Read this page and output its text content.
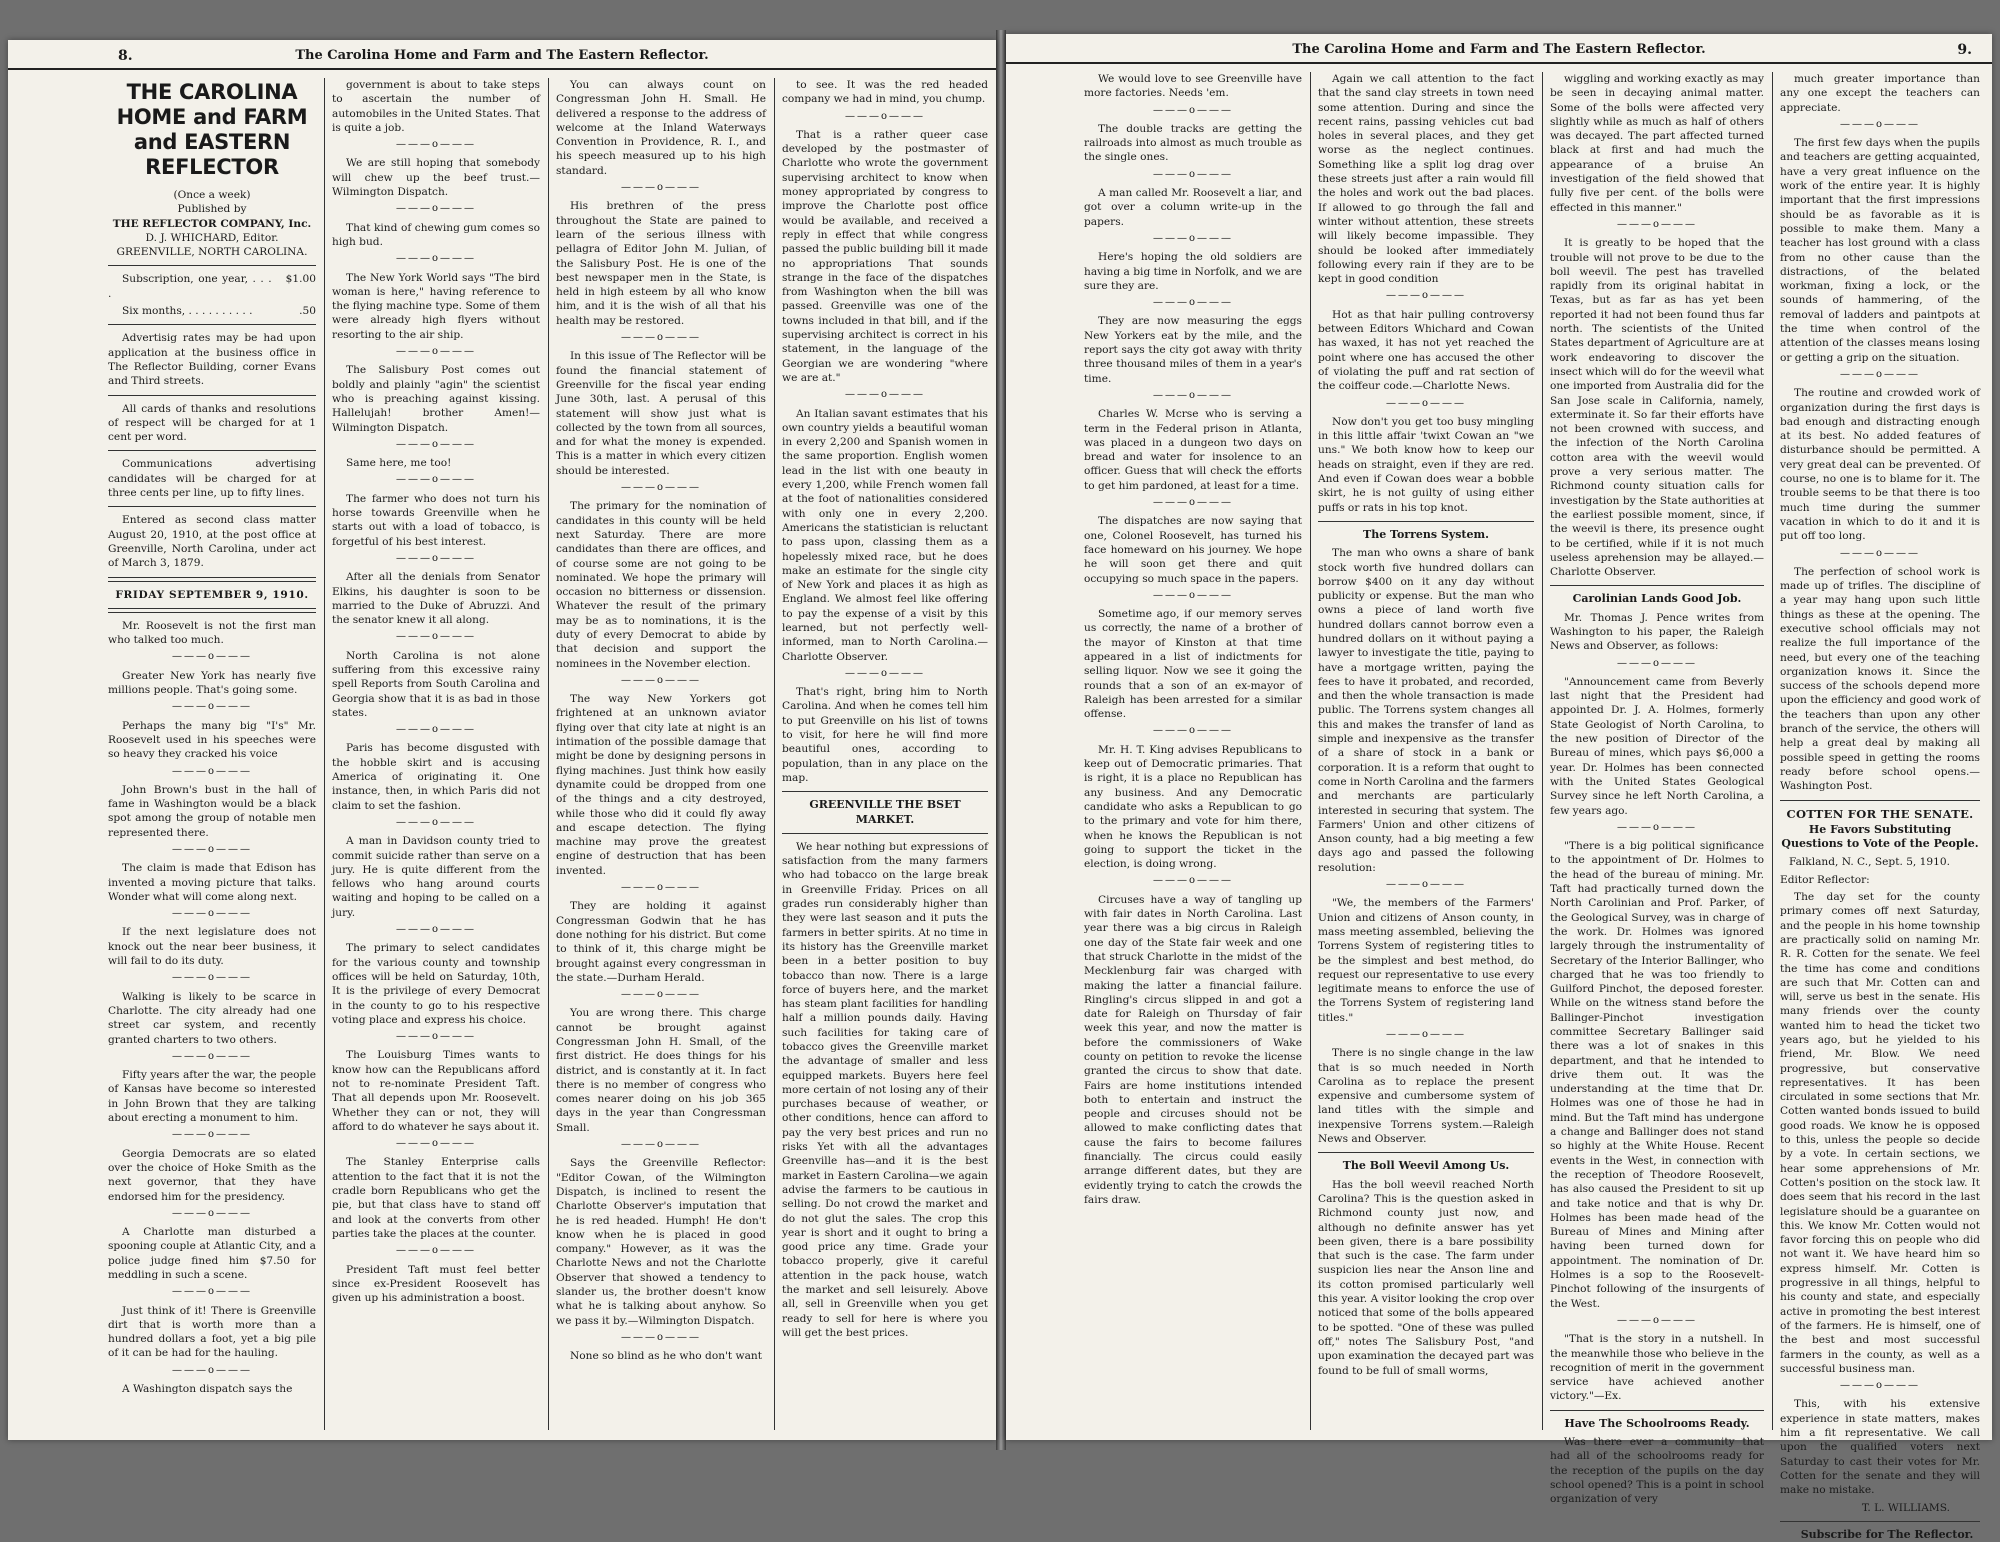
8.	The Carolina Home and Farm and The Eastern Reflector.
THE CAROLINA HOME and FARM and EASTERN REFLECTOR

(Once a week)

Published by

THE REFLECTOR COMPANY, Inc.

D. J. WHICHARD, Editor.

GREENVILLE, NORTH CAROLINA.

Subscription, one year, . . . .
$1.00

Six months, . . . . . . . . . .	.50

Advertisig rates may be had upon application at the business office in The Reflector Building, corner Evans and Third streets.

All cards of thanks and resolutions of respect will be charged for at 1 cent per word.

Communications advertising candidates will be charged for at three cents per line, up to fifty lines.

Entered as second class matter August 20, 1910, at the post office at Greenville, North Carolina, under act of March 3, 1879.

FRIDAY SEPTEMBER 9, 1910.

Mr. Roosevelt is not the first man who talked too much.

———o———

Greater New York has nearly five millions people. That's going some.

———o———

Perhaps the many big "I's" Mr. Roosevelt used in his speeches were so heavy they cracked his voice

———o———

John Brown's bust in the hall of fame in Washington would be a black spot among the group of notable men represented there.

———o———

The claim is made that Edison has invented a moving picture that talks. Wonder what will come along next.

———o———

If the next legislature does not knock out the near beer business, it will fail to do its duty.

———o———

Walking is likely to be scarce in Charlotte. The city already had one street car system, and recently granted charters to two others.

———o———

Fifty years after the war, the people of Kansas have become so interested in John Brown that they are talking about erecting a monument to him.

———o———

Georgia Democrats are so elated over the choice of Hoke Smith as the next governor, that they have endorsed him for the presidency.

———o———

A Charlotte man disturbed a spooning couple at Atlantic City, and a police judge fined him $7.50 for meddling in such a scene.

———o———

Just think of it! There is Greenville dirt that is worth more than a hundred dollars a foot, yet a big pile of it can be had for the hauling.

———o———

A Washington dispatch says the

government is about to take steps to ascertain the number of automobiles in the United States. That is quite a job.

———o———

We are still hoping that somebody will chew up the beef trust.—Wilmington Dispatch.

———o———

That kind of chewing gum comes so high bud.

———o———

The New York World says "The bird woman is here," having reference to the flying machine type. Some of them were already high flyers without resorting to the air ship.

———o———

The Salisbury Post comes out boldly and plainly "agin" the scientist who is preaching against kissing. Hallelujah! brother Amen!—Wilmington Dispatch.

———o———

Same here, me too!

———o———

The farmer who does not turn his horse towards Greenville when he starts out with a load of tobacco, is forgetful of his best interest.

———o———

After all the denials from Senator Elkins, his daughter is soon to be married to the Duke of Abruzzi. And the senator knew it all along.

———o———

North Carolina is not alone suffering from this excessive rainy spell Reports from South Carolina and Georgia show that it is as bad in those states.

———o———

Paris has become disgusted with the hobble skirt and is accusing America of originating it. One instance, then, in which Paris did not claim to set the fashion.

———o———

A man in Davidson county tried to commit suicide rather than serve on a jury. He is quite different from the fellows who hang around courts waiting and hoping to be called on a jury.

———o———

The primary to select candidates for the various county and township offices will be held on Saturday, 10th, It is the privilege of every Democrat in the county to go to his respective voting place and express his choice.

———o———

The Louisburg Times wants to know how can the Republicans afford not to re-nominate President Taft. That all depends upon Mr. Roosevelt. Whether they can or not, they will afford to do whatever he says about it.

———o———

The Stanley Enterprise calls attention to the fact that it is not the cradle born Republicans who get the pie, but that class have to stand off and look at the converts from other parties take the places at the counter.

———o———

President Taft must feel better since ex-President Roosevelt has given up his administration a boost.

You can always count on Congressman John H. Small. He delivered a response to the address of welcome at the Inland Waterways Convention in Providence, R. I., and his speech measured up to his high standard.

———o———

His brethren of the press throughout the State are pained to learn of the serious illness with pellagra of Editor John M. Julian, of the Salisbury Post. He is one of the best newspaper men in the State, is held in high esteem by all who know him, and it is the wish of all that his health may be restored.

———o———

In this issue of The Reflector will be found the financial statement of Greenville for the fiscal year ending June 30th, last. A perusal of this statement will show just what is collected by the town from all sources, and for what the money is expended. This is a matter in which every citizen should be interested.

———o———

The primary for the nomination of candidates in this county will be held next Saturday. There are more candidates than there are offices, and of course some are not going to be nominated. We hope the primary will occasion no bitterness or dissension. Whatever the result of the primary may be as to nominations, it is the duty of every Democrat to abide by that decision and support the nominees in the November election.

———o———

The way New Yorkers got frightened at an unknown aviator flying over that city late at night is an intimation of the possible damage that might be done by designing persons in flying machines. Just think how easily dynamite could be dropped from one of the things and a city destroyed, while those who did it could fly away and escape detection. The flying machine may prove the greatest engine of destruction that has been invented.

———o———

They are holding it against Congressman Godwin that he has done nothing for his district. But come to think of it, this charge might be brought against every congressman in the state.—Durham Herald.

———o———

You are wrong there. This charge cannot be brought against Congressman John H. Small, of the first district. He does things for his district, and is constantly at it. In fact there is no member of congress who comes nearer doing on his job 365 days in the year than Congressman Small.

———o———

Says the Greenville Reflector: "Editor Cowan, of the Wilmington Dispatch, is inclined to resent the Charlotte Observer's imputation that he is red headed. Humph! He don't know when he is placed in good company." However, as it was the Charlotte News and not the Charlotte Observer that showed a tendency to slander us, the brother doesn't know what he is talking about anyhow. So we pass it by.—Wilmington Dispatch.

———o———

None so blind as he who don't want

to see. It was the red headed company we had in mind, you chump.

———o———

That is a rather queer case developed by the postmaster of Charlotte who wrote the government supervising architect to know when money appropriated by congress to improve the Charlotte post office would be available, and received a reply in effect that while congress passed the public building bill it made no appropriations That sounds strange in the face of the dispatches from Washington when the bill was passed. Greenville was one of the towns included in that bill, and if the supervising architect is correct in his statement, in the language of the Georgian we are wondering "where we are at."

———o———

An Italian savant estimates that his own country yields a beautiful woman in every 2,200 and Spanish women in the same proportion. English women lead in the list with one beauty in every 1,200, while French women fall at the foot of nationalities considered with only one in every 2,200. Americans the statistician is reluctant to pass upon, classing them as a hopelessly mixed race, but he does make an estimate for the single city of New York and places it as high as England. We almost feel like offering to pay the expense of a visit by this learned, but not perfectly well-informed, man to North Carolina.—Charlotte Observer.

———o———

That's right, bring him to North Carolina. And when he comes tell him to put Greenville on his list of towns to visit, for here he will find more beautiful ones, according to population, than in any place on the map.

GREENVILLE THE BSET MARKET.

We hear nothing but expressions of satisfaction from the many farmers who had tobacco on the large break in Greenville Friday. Prices on all grades run considerably higher than they were last season and it puts the farmers in better spirits. At no time in its history has the Greenville market been in a better position to buy tobacco than now. There is a large force of buyers here, and the market has steam plant facilities for handling half a million pounds daily. Having such facilities for taking care of tobacco gives the Greenville market the advantage of smaller and less equipped markets. Buyers here feel more certain of not losing any of their purchases because of weather, or other conditions, hence can afford to pay the very best prices and run no risks Yet with all the advantages Greenville has—and it is the best market in Eastern Carolina—we again advise the farmers to be cautious in selling. Do not crowd the market and do not glut the sales. The crop this year is short and it ought to bring a good price any time. Grade your tobacco properly, give it careful attention in the pack house, watch the market and sell leisurely. Above all, sell in Greenville when you get ready to sell for here is where you will get the best prices.

The Carolina Home and Farm and The Eastern Reflector.	9.

We would love to see Greenville have more factories. Needs 'em.

———o———

The double tracks are getting the railroads into almost as much trouble as the single ones.

———o———

A man called Mr. Roosevelt a liar, and got over a column write-up in the papers.

———o———

Here's hoping the old soldiers are having a big time in Norfolk, and we are sure they are.

———o———

They are now measuring the eggs New Yorkers eat by the mile, and the report says the city got away with thrity three thousand miles of them in a year's time.

———o———

Charles W. Mcrse who is serving a term in the Federal prison in Atlanta, was placed in a dungeon two days on bread and water for insolence to an officer. Guess that will check the efforts to get him pardoned, at least for a time.

———o———

The dispatches are now saying that one, Colonel Roosevelt, has turned his face homeward on his journey. We hope he will soon get there and quit occupying so much space in the papers.

———o———

Sometime ago, if our memory serves us correctly, the name of a brother of the mayor of Kinston at that time appeared in a list of indictments for selling liquor. Now we see it going the rounds that a son of an ex-mayor of Raleigh has been arrested for a similar offense.

———o———

Mr. H. T. King advises Republicans to keep out of Democratic primaries. That is right, it is a place no Republican has any business. And any Democratic candidate who asks a Republican to go to the primary and vote for him there, when he knows the Republican is not going to support the ticket in the election, is doing wrong.

———o———

Circuses have a way of tangling up with fair dates in North Carolina. Last year there was a big circus in Raleigh one day of the State fair week and one that struck Charlotte in the midst of the Mecklenburg fair was charged with making the latter a financial failure. Ringling's circus slipped in and got a date for Raleigh on Thursday of fair week this year, and now the matter is before the commissioners of Wake county on petition to revoke the license granted the circus to show that date. Fairs are home institutions intended both to entertain and instruct the people and circuses should not be allowed to make conflicting dates that cause the fairs to become failures financially. The circus could easily arrange different dates, but they are evidently trying to catch the crowds the fairs draw.

Again we call attention to the fact that the sand clay streets in town need some attention. During and since the recent rains, passing vehicles cut bad holes in several places, and they get worse as the neglect continues. Something like a split log drag over these streets just after a rain would fill the holes and work out the bad places. If allowed to go through the fall and winter without attention, these streets will likely become impassible. They should be looked after immediately following every rain if they are to be kept in good condition

———o———

Hot as that hair pulling controversy between Editors Whichard and Cowan has waxed, it has not yet reached the point where one has accused the other of violating the puff and rat section of the coiffeur code.—Charlotte News.

———o———

Now don't you get too busy mingling in this little affair 'twixt Cowan an "we uns." We both know how to keep our heads on straight, even if they are red. And even if Cowan does wear a bobble skirt, he is not guilty of using either puffs or rats in his top knot.

The Torrens System.

The man who owns a share of bank stock worth five hundred dollars can borrow $400 on it any day without publicity or expense. But the man who owns a piece of land worth five hundred dollars cannot borrow even a hundred dollars on it without paying a lawyer to investigate the title, paying to have a mortgage written, paying the fees to have it probated, and recorded, and then the whole transaction is made public. The Torrens system changes all this and makes the transfer of land as simple and inexpensive as the transfer of a share of stock in a bank or corporation. It is a reform that ought to come in North Carolina and the farmers and merchants are particularly interested in securing that system. The Farmers' Union and other citizens of Anson county, had a big meeting a few days ago and passed the following resolution:

———o———

"We, the members of the Farmers' Union and citizens of Anson county, in mass meeting assembled, believing the Torrens System of registering titles to be the simplest and best method, do request our representative to use every legitimate means to enforce the use of the Torrens System of registering land titles."

———o———

There is no single change in the law that is so much needed in North Carolina as to replace the present expensive and cumbersome system of land titles with the simple and inexpensive Torrens system.—Raleigh News and Observer.

The Boll Weevil Among Us.

Has the boll weevil reached North Carolina? This is the question asked in Richmond county just now, and although no definite answer has yet been given, there is a bare possibility that such is the case. The farm under suspicion lies near the Anson line and its cotton promised particularly well this year. A visitor looking the crop over noticed that some of the bolls appeared to be spotted. "One of these was pulled off," notes The Salisbury Post, "and upon examination the decayed part was found to be full of small worms,

wiggling and working exactly as may be seen in decaying animal matter. Some of the bolls were affected very slightly while as much as half of others was decayed. The part affected turned black at first and had much the appearance of a bruise An investigation of the field showed that fully five per cent. of the bolls were effected in this manner."

———o———

It is greatly to be hoped that the trouble will not prove to be due to the boll weevil. The pest has travelled rapidly from its original habitat in Texas, but as far as has yet been reported it had not been found thus far north. The scientists of the United States department of Agriculture are at work endeavoring to discover the insect which will do for the weevil what one imported from Australia did for the San Jose scale in California, namely, exterminate it. So far their efforts have not been crowned with success, and the infection of the North Carolina cotton area with the weevil would prove a very serious matter. The Richmond county situation calls for investigation by the State authorities at the earliest possible moment, since, if the weevil is there, its presence ought to be certified, while if it is not much useless aprehension may be allayed.—Charlotte Observer.

Carolinian Lands Good Job.

Mr. Thomas J. Pence writes from Washington to his paper, the Raleigh News and Observer, as follows:

———o———

"Announcement came from Beverly last night that the President had appointed Dr. J. A. Holmes, formerly State Geologist of North Carolina, to the new position of Director of the Bureau of mines, which pays $6,000 a year. Dr. Holmes has been connected with the United States Geological Survey since he left North Carolina, a few years ago.

———o———

"There is a big political significance to the appointment of Dr. Holmes to the head of the bureau of mining. Mr. Taft had practically turned down the North Carolinian and Prof. Parker, of the Geological Survey, was in charge of the work. Dr. Holmes was ignored largely through the instrumentality of Secretary of the Interior Ballinger, who charged that he was too friendly to Guilford Pinchot, the deposed forester. While on the witness stand before the Ballinger-Pinchot investigation committee Secretary Ballinger said there was a lot of snakes in this department, and that he intended to drive them out. It was the understanding at the time that Dr. Holmes was one of those he had in mind. But the Taft mind has undergone a change and Ballinger does not stand so highly at the White House. Recent events in the West, in connection with the reception of Theodore Roosevelt, has also caused the President to sit up and take notice and that is why Dr. Holmes has been made head of the Bureau of Mines and Mining after having been turned down for appointment. The nomination of Dr. Holmes is a sop to the Roosevelt-Pinchot following of the insurgents of the West.

———o———

"That is the story in a nutshell. In the meanwhile those who believe in the recognition of merit in the government service have achieved another victory."—Ex.

Have The Schoolrooms Ready.

Was there ever a community that had all of the schoolrooms ready for the reception of the pupils on the day school opened? This is a point in school organization of very

much greater importance than any one except the teachers can appreciate.

———o———

The first few days when the pupils and teachers are getting acquainted, have a very great influence on the work of the entire year. It is highly important that the first impressions should be as favorable as it is possible to make them. Many a teacher has lost ground with a class from no other cause than the distractions, of the belated workman, fixing a lock, or the sounds of hammering, of the removal of ladders and paintpots at the time when control of the attention of the classes means losing or getting a grip on the situation.

———o———

The routine and crowded work of organization during the first days is bad enough and distracting enough at its best. No added features of disturbance should be permitted. A very great deal can be prevented. Of course, no one is to blame for it. The trouble seems to be that there is too much time during the summer vacation in which to do it and it is put off too long.

———o———

The perfection of school work is made up of trifles. The discipline of a year may hang upon such little things as these at the opening. The executive school officials may not realize the full importance of the need, but every one of the teaching organization knows it. Since the success of the schools depend more upon the efficiency and good work of the teachers than upon any other branch of the service, the others will help a great deal by making all possible speed in getting the rooms ready before school opens.—Washington Post.

COTTEN FOR THE SENATE.
He Favors Substituting Questions to Vote of the People.

Falkland, N. C., Sept. 5, 1910.

Editor Reflector:

The day set for the county primary comes off next Saturday, and the people in his home township are practically solid on naming Mr. R. R. Cotten for the senate. We feel the time has come and conditions are such that Mr. Cotten can and will, serve us best in the senate. His many friends over the county wanted him to head the ticket two years ago, but he yielded to his friend, Mr. Blow. We need progressive, but conservative representatives. It has been circulated in some sections that Mr. Cotten wanted bonds issued to build good roads. We know he is opposed to this, unless the people so decide by a vote. In certain sections, we hear some apprehensions of Mr. Cotten's position on the stock law. It does seem that his record in the last legislature should be a guarantee on this. We know Mr. Cotten would not favor forcing this on people who did not want it. We have heard him so express himself. Mr. Cotten is progressive in all things, helpful to his county and state, and especially active in promoting the best interest of the farmers. He is himself, one of the best and most successful farmers in the county, as well as a successful business man.

———o———

This, with his extensive experience in state matters, makes him a fit representative. We call upon the qualified voters next Saturday to cast their votes for Mr. Cotten for the senate and they will make no mistake.

T. L. WILLIAMS.

Subscribe for The Reflector.
